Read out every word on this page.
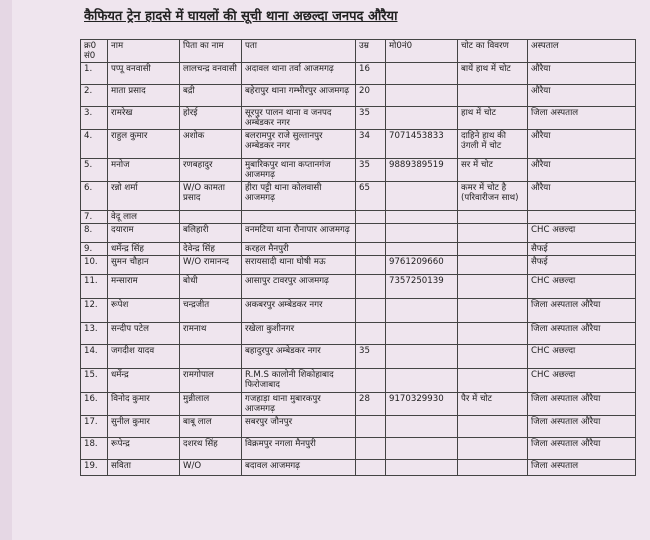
कैफियत ट्रेन हादसे में घायलों की सूची थाना अछल्दा जनपद औरैया
क्र0 सं0	नाम	पिता का नाम	पता	उम्र	मो0नं0	चोट का विवरण	अस्पताल
1.	पप्पू वनवासी	लालचन्द्र वनवासी	अदावल थाना तर्वा आजमगढ़	16		बायें हाथ में चोट	औरैया
2.	माता प्रसाद	बद्री	बहेरापुर थाना गम्भीरपुर आजमगढ़	20			औरैया
3.	रामरेख	होरई	सूरपुर पालन थाना व जनपद अम्बेडकर नगर	35		हाथ में चोट	जिला अस्पताल
4.	राहुल कुमार	अशोक	बलरामपुर राजे सुल्तानपुर अम्बेडकर नगर	34	7071453833	दाहिने हाथ की उंगली में चोट	औरैया
5.	मनोज	रणबहादुर	मुबारिकपुर थाना कप्तानगंज आजमगढ़	35	9889389519	सर में चोट	औरैया
6.	रन्नो शर्मा	W/O कामता प्रसाद	हीरा पट्टी थाना कोलवासी आजमगढ़	65		कमर में चोट है (परिवारीजन साथ)	औरैया
7.	वेदू लाल						
8.	दयाराम	बलिहारी	वनमटिया थाना रौनापार आजमगढ़				CHC अछल्दा
9.	धर्मेन्द्र सिंह	देवेन्द्र सिंह	करहल मैनपुरी				सैफई
10.	सुमन चौहान	W/O रामानन्द	सरायसादी थाना घोषी मऊ		9761209660		सैफई
11.	मन्साराम	बोधी	आसापुर टावरपुर आजमगढ़		7357250139		CHC अछल्दा
12.	रूपेश	चन्द्रजीत	अकबरपुर अम्बेडकर नगर				जिला अस्पताल औरैया
13.	सन्दीप पटेल	रामनाथ	रखेला कुशीनगर				जिला अस्पताल औरैया
14.	जगदीश यादव		बहादुरपुर अम्बेडकर नगर	35			CHC अछल्दा
15.	धर्मेन्द्र	रामगोपाल	R.M.S कालोनी शिकोहाबाद फिरोजाबाद				CHC अछल्दा
16.	विनोद कुमार	मुन्नीलाल	गजहाड़ा थाना मुबारकपुर आजमगढ़	28	9170329930	पैर में चोट	जिला अस्पताल औरैया
17.	सुनील कुमार	बाबू लाल	सबरपुर जौनपुर				जिला अस्पताल औरैया
18.	रूपेन्द्र	दशरथ सिंह	विक्रमपुर नगला मैनपुरी				जिला अस्पताल औरैया
19.	सविता	W/O	बदावल आजमगढ़				जिला अस्पताल
